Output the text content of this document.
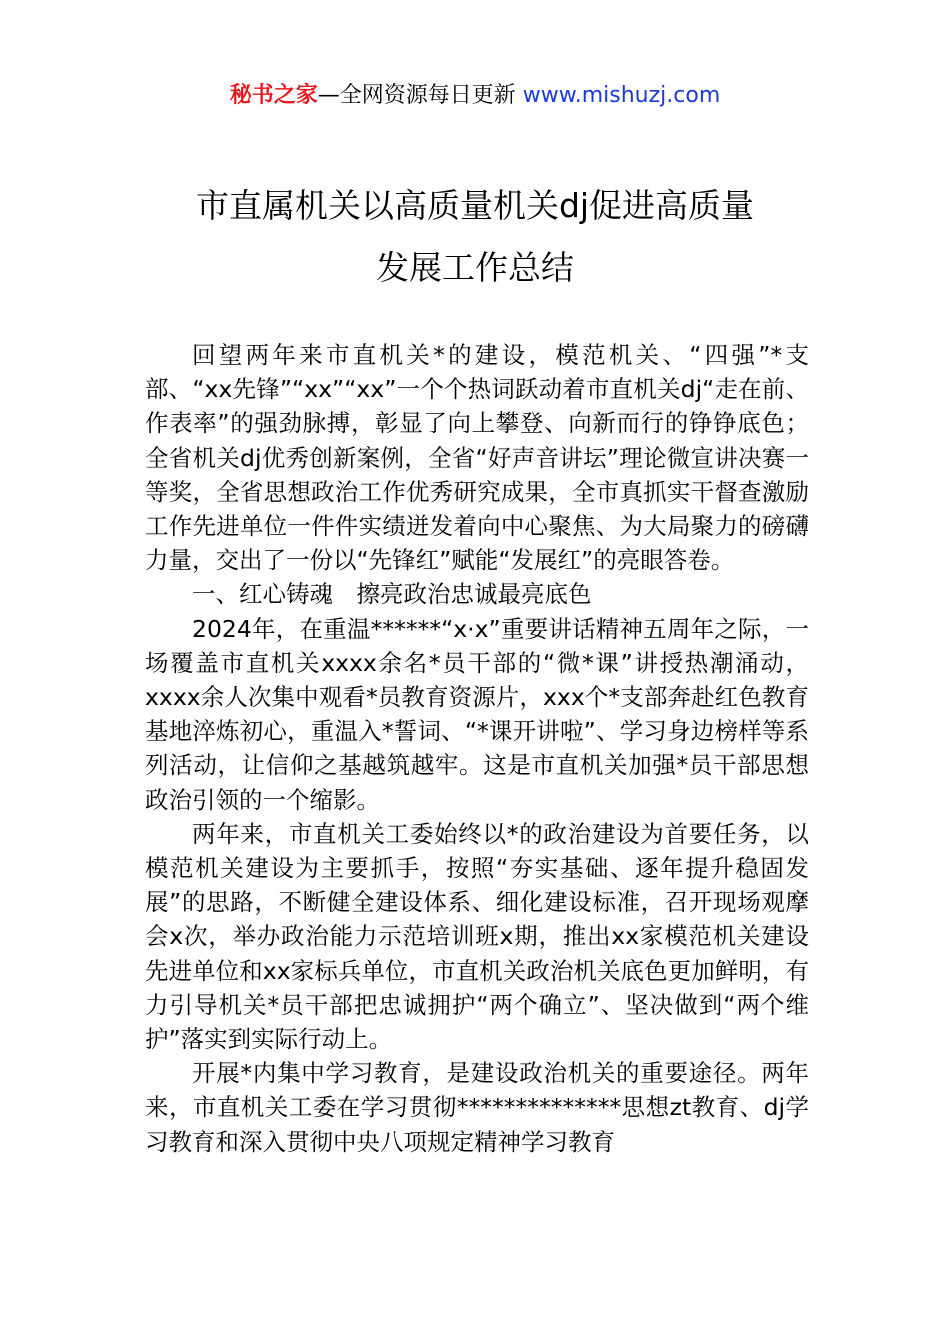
秘书之家—全网资源每日更新 www.mishuzj.com
市直属机关以高质量机关dj促进高质量
发展工作总结

回望两年来市直机关*的建设，模范机关、“四强”*支部、“xx先锋”“xx”“xx”一个个热词跃动着市直机关dj“走在前、作表率”的强劲脉搏，彰显了向上攀登、向新而行的铮铮底色；全省机关dj优秀创新案例，全省“好声音讲坛”理论微宣讲决赛一等奖，全省思想政治工作优秀研究成果，全市真抓实干督查激励工作先进单位一件件实绩迸发着向中心聚焦、为大局聚力的磅礴力量，交出了一份以“先锋红”赋能“发展红”的亮眼答卷。

一、红心铸魂　擦亮政治忠诚最亮底色

2024年，在重温******“x·x”重要讲话精神五周年之际，一场覆盖市直机关xxxx余名*员干部的“微*课”讲授热潮涌动，xxxx余人次集中观看*员教育资源片，xxx个*支部奔赴红色教育基地淬炼初心，重温入*誓词、“*课开讲啦”、学习身边榜样等系列活动，让信仰之基越筑越牢。这是市直机关加强*员干部思想政治引领的一个缩影。

两年来，市直机关工委始终以*的政治建设为首要任务，以模范机关建设为主要抓手，按照“夯实基础、逐年提升稳固发展”的思路，不断健全建设体系、细化建设标准，召开现场观摩会x次，举办政治能力示范培训班x期，推出xx家模范机关建设先进单位和xx家标兵单位，市直机关政治机关底色更加鲜明，有力引导机关*员干部把忠诚拥护“两个确立”、坚决做到“两个维护”落实到实际行动上。

开展*内集中学习教育，是建设政治机关的重要途径。两年来，市直机关工委在学习贯彻**************思想zt教育、dj学习教育和深入贯彻中央八项规定精神学习教育
